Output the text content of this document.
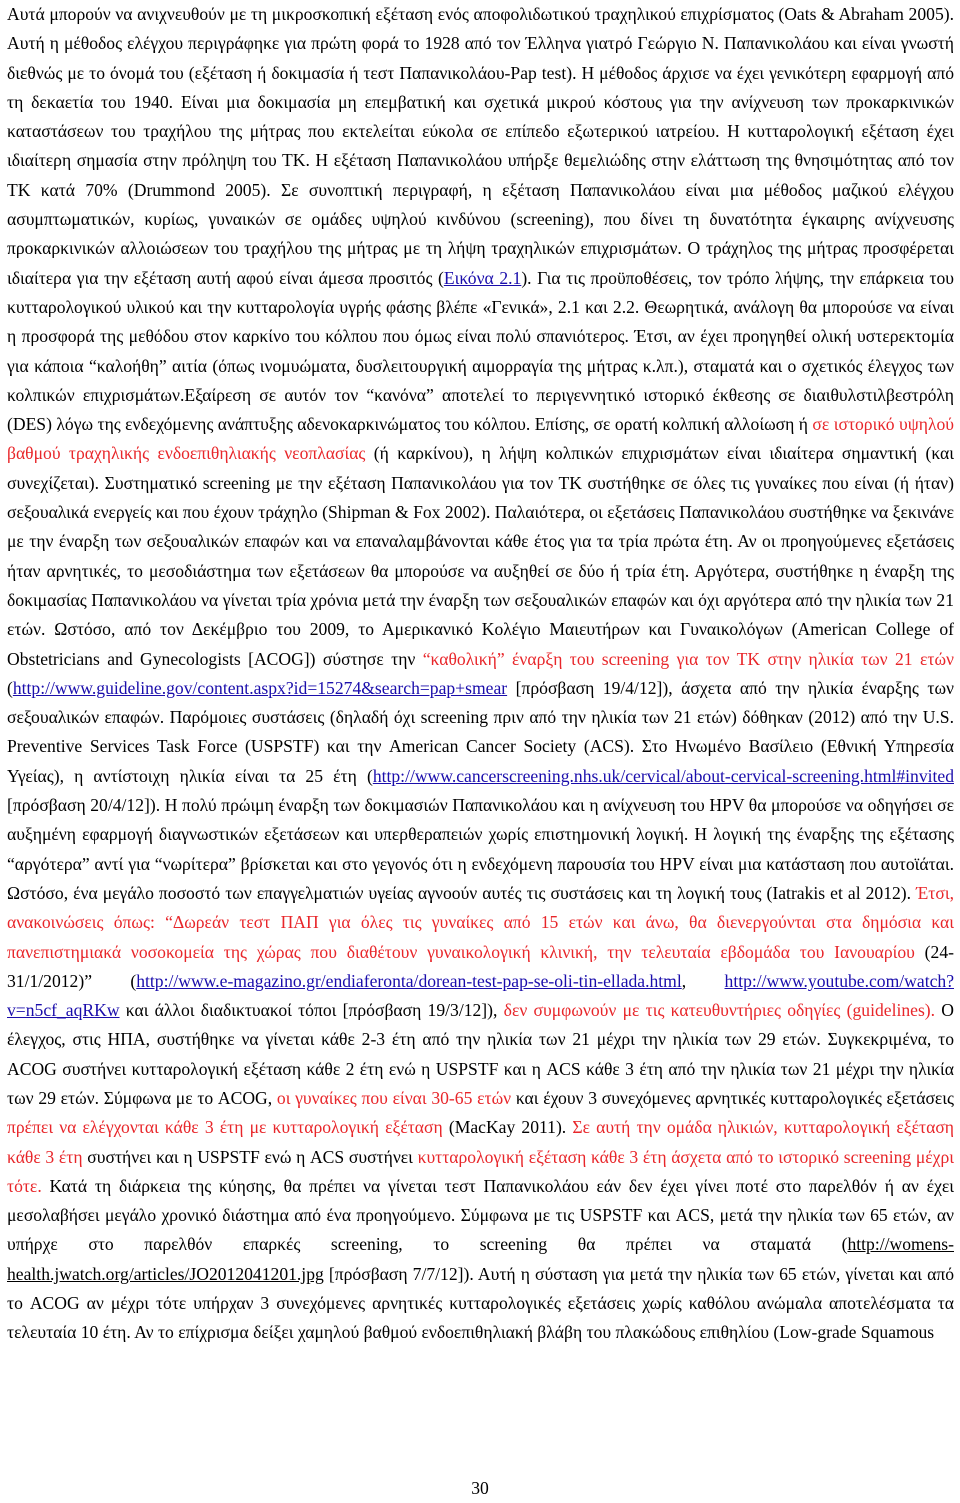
Αυτά μπορούν να ανιχνευθούν με τη μικροσκοπική εξέταση ενός αποφολιδωτικού τραχηλικού επιχρίσματος (Oats & Abraham 2005). Αυτή η μέθοδος ελέγχου περιγράφηκε για πρώτη φορά το 1928 από τον Έλληνα γιατρό Γεώργιο Ν. Παπανικολάου και είναι γνωστή διεθνώς με το όνομά του (εξέταση ή δοκιμασία ή τεστ Παπανικολάου-Pap test). Η μέθοδος άρχισε να έχει γενικότερη εφαρμογή από τη δεκαετία του 1940. Είναι μια δοκιμασία μη επεμβατική και σχετικά μικρού κόστους για την ανίχνευση των προκαρκινικών καταστάσεων του τραχήλου της μήτρας που εκτελείται εύκολα σε επίπεδο εξωτερικού ιατρείου. Η κυτταρολογική εξέταση έχει ιδιαίτερη σημασία στην πρόληψη του ΤΚ. Η εξέταση Παπανικολάου υπήρξε θεμελιώδης στην ελάττωση της θνησιμότητας από τον ΤΚ κατά 70% (Drummond 2005). Σε συνοπτική περιγραφή, η εξέταση Παπανικολάου είναι μια μέθοδος μαζικού ελέγχου ασυμπτωματικών, κυρίως, γυναικών σε ομάδες υψηλού κινδύνου (screening), που δίνει τη δυνατότητα έγκαιρης ανίχνευσης προκαρκινικών αλλοιώσεων του τραχήλου της μήτρας με τη λήψη τραχηλικών επιχρισμάτων. Ο τράχηλος της μήτρας προσφέρεται ιδιαίτερα για την εξέταση αυτή αφού είναι άμεσα προσιτός (Εικόνα 2.1). Για τις προϋποθέσεις, τον τρόπο λήψης, την επάρκεια του κυτταρολογικού υλικού και την κυτταρολογία υγρής φάσης βλέπε «Γενικά», 2.1 και 2.2. Θεωρητικά, ανάλογη θα μπορούσε να είναι η προσφορά της μεθόδου στον καρκίνο του κόλπου που όμως είναι πολύ σπανιότερος. Έτσι, αν έχει προηγηθεί ολική υστερεκτομία για κάποια “καλοήθη” αιτία (όπως ινομυώματα, δυσλειτουργική αιμορραγία της μήτρας κ.λπ.), σταματά και ο σχετικός έλεγχος των κολπικών επιχρισμάτων.Εξαίρεση σε αυτόν τον “κανόνα” αποτελεί το περιγεννητικό ιστορικό έκθεσης σε διαιθυλστιλβεστρόλη (DES) λόγω της ενδεχόμενης ανάπτυξης αδενοκαρκινώματος του κόλπου. Επίσης, σε ορατή κολπική αλλοίωση ή σε ιστορικό υψηλού βαθμού τραχηλικής ενδοεπιθηλιακής νεοπλασίας (ή καρκίνου), η λήψη κολπικών επιχρισμάτων είναι ιδιαίτερα σημαντική (και συνεχίζεται). Συστηματικό screening με την εξέταση Παπανικολάου για τον ΤΚ συστήθηκε σε όλες τις γυναίκες που είναι (ή ήταν) σεξουαλικά ενεργείς και που έχουν τράχηλο (Shipman & Fox 2002). Παλαιότερα, οι εξετάσεις Παπανικολάου συστήθηκε να ξεκινάνε με την έναρξη των σεξουαλικών επαφών και να επαναλαμβάνονται κάθε έτος για τα τρία πρώτα έτη. Αν οι προηγούμενες εξετάσεις ήταν αρνητικές, το μεσοδιάστημα των εξετάσεων θα μπορούσε να αυξηθεί σε δύο ή τρία έτη. Αργότερα, συστήθηκε η έναρξη της δοκιμασίας Παπανικολάου να γίνεται τρία χρόνια μετά την έναρξη των σεξουαλικών επαφών και όχι αργότερα από την ηλικία των 21 ετών. Ωστόσο, από τον Δεκέμβριο του 2009, το Αμερικανικό Κολέγιο Μαιευτήρων και Γυναικολόγων (American College of Obstetricians and Gynecologists [ACOG]) σύστησε την “καθολική” έναρξη του screening για τον ΤΚ στην ηλικία των 21 ετών (http://www.guideline.gov/content.aspx?id=15274&search=pap+smear [πρόσβαση 19/4/12]), άσχετα από την ηλικία έναρξης των σεξουαλικών επαφών. Παρόμοιες συστάσεις (δηλαδή όχι screening πριν από την ηλικία των 21 ετών) δόθηκαν (2012) από την U.S. Preventive Services Task Force (USPSTF) και την American Cancer Society (ACS). Στο Ηνωμένο Βασίλειο (Εθνική Υπηρεσία Υγείας), η αντίστοιχη ηλικία είναι τα 25 έτη (http://www.cancerscreening.nhs.uk/cervical/about-cervical-screening.html#invited [πρόσβαση 20/4/12]). Η πολύ πρώιμη έναρξη των δοκιμασιών Παπανικολάου και η ανίχνευση του HPV θα μπορούσε να οδηγήσει σε αυξημένη εφαρμογή διαγνωστικών εξετάσεων και υπερθεραπειών χωρίς επιστημονική λογική. Η λογική της έναρξης της εξέτασης “αργότερα” αντί για “νωρίτερα” βρίσκεται και στο γεγονός ότι η ενδεχόμενη παρουσία του HPV είναι μια κατάσταση που αυτοϊάται. Ωστόσο, ένα μεγάλο ποσοστό των επαγγελματιών υγείας αγνοούν αυτές τις συστάσεις και τη λογική τους (Iatrakis et al 2012). Έτσι, ανακοινώσεις όπως: “Δωρεάν τεστ ΠΑΠ για όλες τις γυναίκες από 15 ετών και άνω, θα διενεργούνται στα δημόσια και πανεπιστημιακά νοσοκομεία της χώρας που διαθέτουν γυναικολογική κλινική, την τελευταία εβδομάδα του Ιανουαρίου (24-31/1/2012)” (http://www.e-magazino.gr/endiaferonta/dorean-test-pap-se-oli-tin-ellada.html, http://www.youtube.com/watch?v=n5cf_aqRKw και άλλοι διαδικτυακοί τόποι [πρόσβαση 19/3/12]), δεν συμφωνούν με τις κατευθυντήριες οδηγίες (guidelines). Ο έλεγχος, στις ΗΠΑ, συστήθηκε να γίνεται κάθε 2-3 έτη από την ηλικία των 21 μέχρι την ηλικία των 29 ετών. Συγκεκριμένα, το ACOG συστήνει κυτταρολογική εξέταση κάθε 2 έτη ενώ η USPSTF και η ACS κάθε 3 έτη από την ηλικία των 21 μέχρι την ηλικία των 29 ετών. Σύμφωνα με το ACOG, οι γυναίκες που είναι 30-65 ετών και έχουν 3 συνεχόμενες αρνητικές κυτταρολογικές εξετάσεις πρέπει να ελέγχονται κάθε 3 έτη με κυτταρολογική εξέταση (MacKay 2011). Σε αυτή την ομάδα ηλικιών, κυτταρολογική εξέταση κάθε 3 έτη συστήνει και η USPSTF ενώ η ACS συστήνει κυτταρολογική εξέταση κάθε 3 έτη άσχετα από το ιστορικό screening μέχρι τότε. Κατά τη διάρκεια της κύησης, θα πρέπει να γίνεται τεστ Παπανικολάου εάν δεν έχει γίνει ποτέ στο παρελθόν ή αν έχει μεσολαβήσει μεγάλο χρονικό διάστημα από ένα προηγούμενο. Σύμφωνα με τις USPSTF και ACS, μετά την ηλικία των 65 ετών, αν υπήρχε στο παρελθόν επαρκές screening, το screening θα πρέπει να σταματά (http://womens-health.jwatch.org/articles/JO2012041201.jpg [πρόσβαση 7/7/12]). Αυτή η σύσταση για μετά την ηλικία των 65 ετών, γίνεται και από το ACOG αν μέχρι τότε υπήρχαν 3 συνεχόμενες αρνητικές κυτταρολογικές εξετάσεις χωρίς καθόλου ανώμαλα αποτελέσματα τα τελευταία 10 έτη. Αν το επίχρισμα δείξει χαμηλού βαθμού ενδοεπιθηλιακή βλάβη του πλακώδους επιθηλίου (Low-grade Squamous

30
